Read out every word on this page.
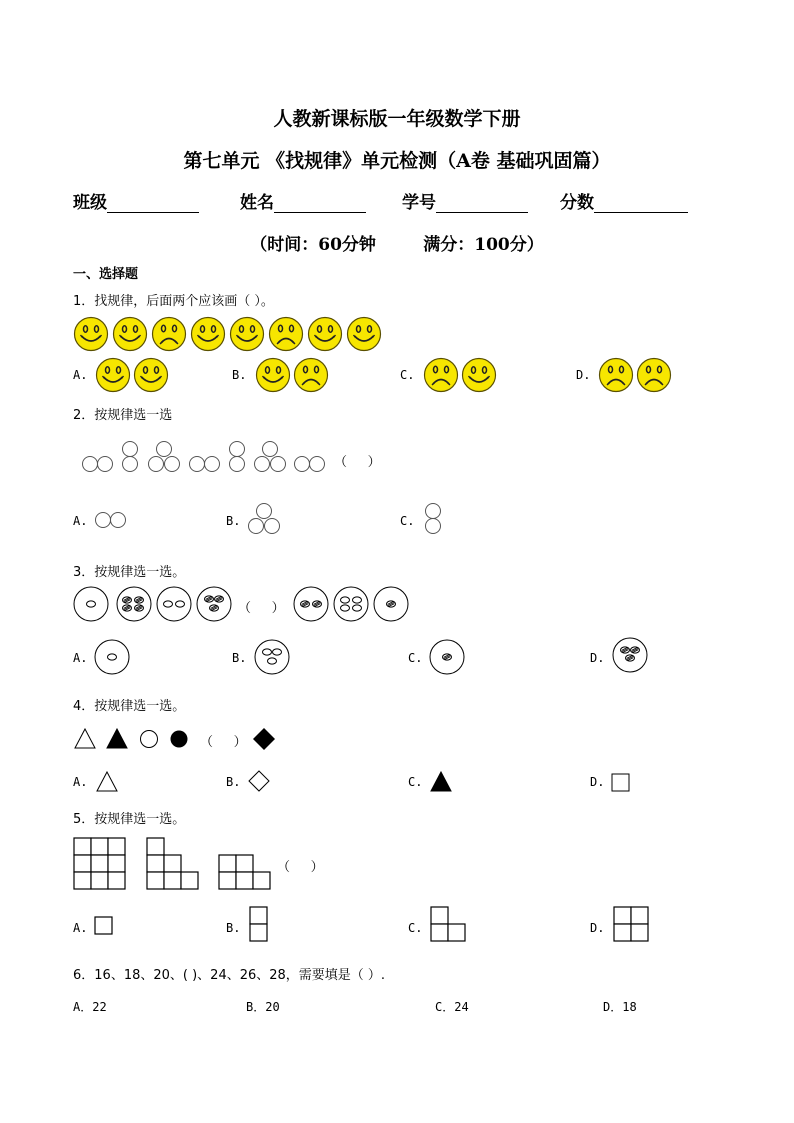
人教新课标版一年级数学下册
第七单元 《找规律》单元检测（A卷 基础巩固篇）
班级	姓名	学号	分数
（时间：60分钟        满分：100分）
一、选择题
1．找规律，后面两个应该画（ ）。
A.	B.	C.	D.
2．按规律选一选
（     ）
A.	B.	C.
3．按规律选一选。
（     ）
A.	B.	C.	D.
4．按规律选一选。
（     ）
A.	B.	C.	D.
5．按规律选一选。
（     ）
A.	B.	C.	D.
6．16、18、20、( )、24、26、28，需要填是（ ）.
A．22	B．20	C．24	D．18
